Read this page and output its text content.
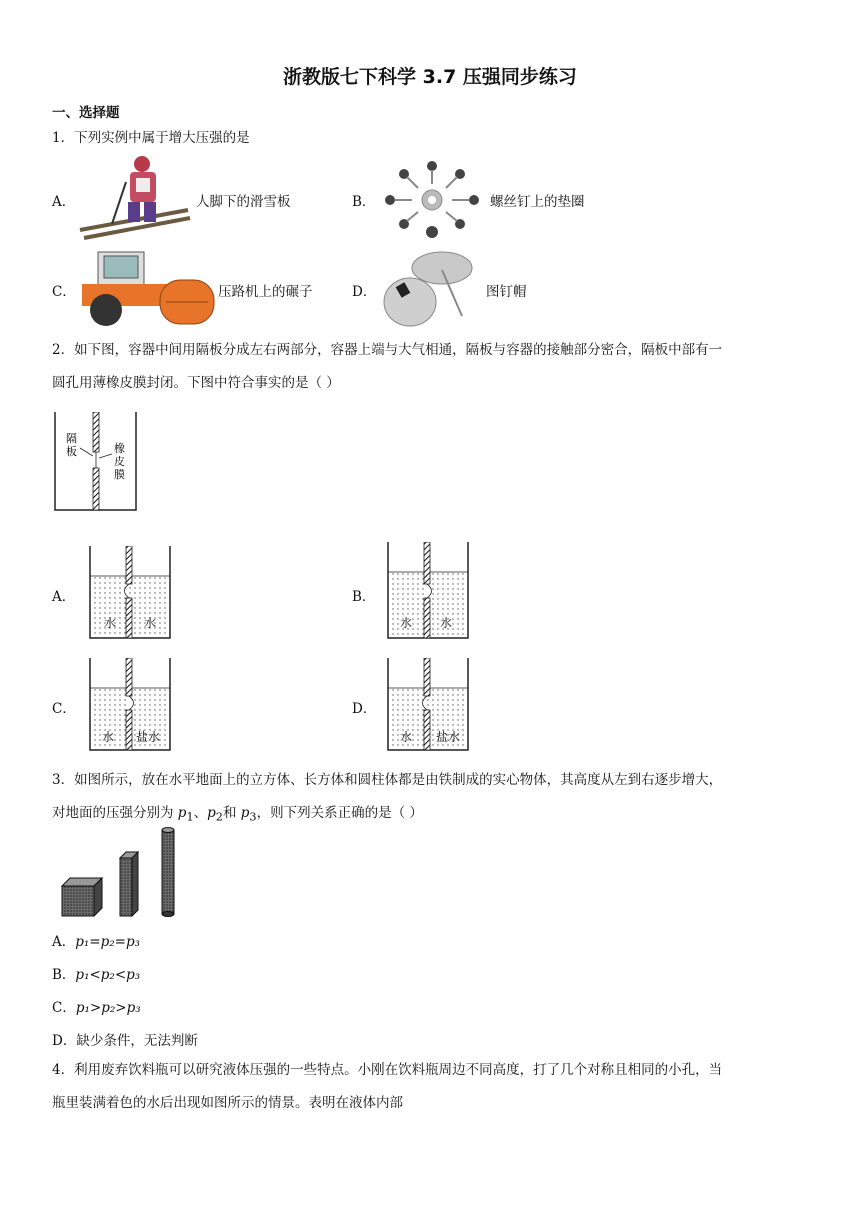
浙教版七下科学 3.7 压强同步练习
一、选择题
1．下列实例中属于增大压强的是
A．	人脚下的滑雪板	B．	螺丝钉上的垫圈
C．	压路机上的碾子	D．	图钉帽
2．如下图，容器中间用隔板分成左右两部分，容器上端与大气相通，隔板与容器的接触部分密合，隔板中部有一
圆孔用薄橡皮膜封闭。下图中符合事实的是（ ）
隔
板	橡
皮
膜
A．	B．
C．	D．
水 水	水 水
水 盐水	水 盐水
3．如图所示，放在水平地面上的立方体、长方体和圆柱体都是由铁制成的实心物体，其高度从左到右逐步增大，
对地面的压强分别为 $p_1$、$p_2$和 $p_3$，则下列关系正确的是（ ）
A．p₁=p₂=p₃
B．p₁<p₂<p₃
C．p₁>p₂>p₃
D．缺少条件，无法判断
4．利用废弃饮料瓶可以研究液体压强的一些特点。小刚在饮料瓶周边不同高度，打了几个对称且相同的小孔，当
瓶里装满着色的水后出现如图所示的情景。表明在液体内部
